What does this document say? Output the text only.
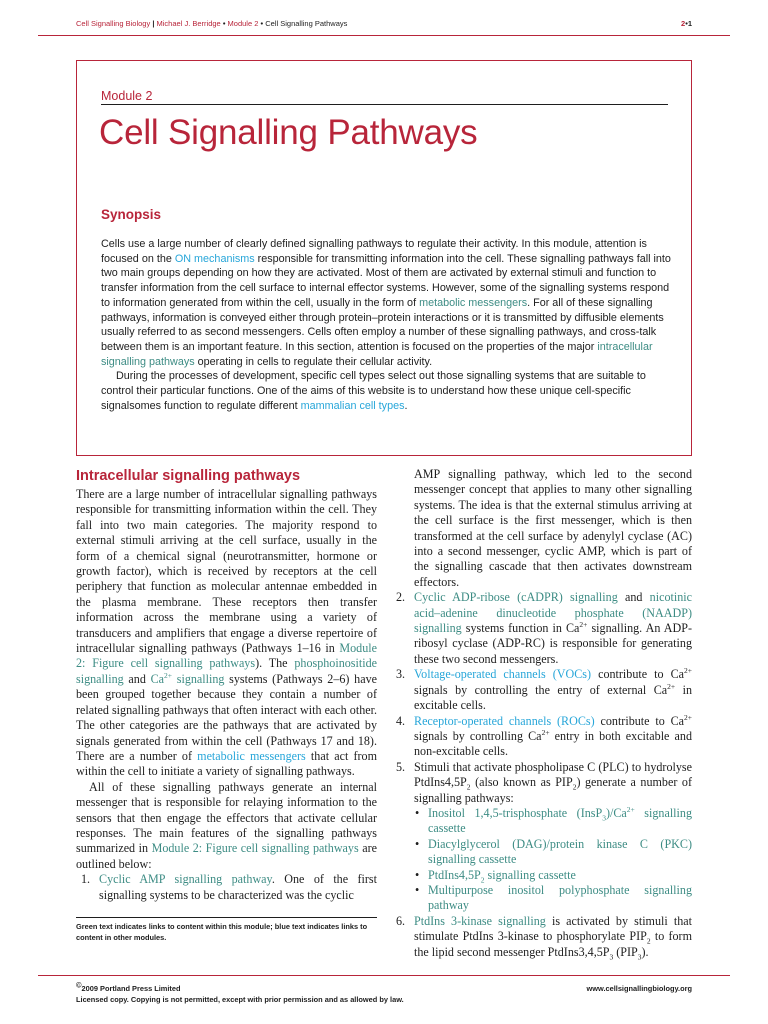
Cell Signalling Biology | Michael J. Berridge • Module 2 • Cell Signalling Pathways	2•1
Module 2
Cell Signalling Pathways
Synopsis

Cells use a large number of clearly defined signalling pathways to regulate their activity. In this module, attention is focused on the ON mechanisms responsible for transmitting information into the cell. These signalling pathways fall into two main groups depending on how they are activated. Most of them are activated by external stimuli and function to transfer information from the cell surface to internal effector systems. However, some of the signalling systems respond to information generated from within the cell, usually in the form of metabolic messengers. For all of these signalling pathways, information is conveyed either through protein–protein interactions or it is transmitted by diffusible elements usually referred to as second messengers. Cells often employ a number of these signalling pathways, and cross-talk between them is an important feature. In this section, attention is focused on the properties of the major intracellular signalling pathways operating in cells to regulate their cellular activity.

During the processes of development, specific cell types select out those signalling systems that are suitable to control their particular functions. One of the aims of this website is to understand how these unique cell-specific signalsomes function to regulate different mammalian cell types.

Intracellular signalling pathways

There are a large number of intracellular signalling pathways responsible for transmitting information within the cell. They fall into two main categories. The majority respond to external stimuli arriving at the cell surface, usually in the form of a chemical signal (neurotransmitter, hormone or growth factor), which is received by receptors at the cell periphery that function as molecular antennae embedded in the plasma membrane. These receptors then transfer information across the membrane using a variety of transducers and amplifiers that engage a diverse repertoire of intracellular signalling pathways (Pathways 1–16 in Module 2: Figure cell signalling pathways). The phosphoinositide signalling and $Ca^{2+}$ signalling systems (Pathways 2–6) have been grouped together because they contain a number of related signalling pathways that often interact with each other. The other categories are the pathways that are activated by signals generated from within the cell (Pathways 17 and 18). There are a number of metabolic messengers that act from within the cell to initiate a variety of signalling pathways.

All of these signalling pathways generate an internal messenger that is responsible for relaying information to the sensors that then engage the effectors that activate cellular responses. The main features of the signalling pathways summarized in Module 2: Figure cell signalling pathways are outlined below:

1. Cyclic AMP signalling pathway. One of the first signalling systems to be characterized was the cyclic
Green text indicates links to content within this module; blue text indicates links to content in other modules.
AMP signalling pathway, which led to the second messenger concept that applies to many other signalling systems. The idea is that the external stimulus arriving at the cell surface is the first messenger, which is then transformed at the cell surface by adenylyl cyclase (AC) into a second messenger, cyclic AMP, which is part of the signalling cascade that then activates downstream effectors.
2. Cyclic ADP-ribose (cADPR) signalling and nicotinic acid–adenine dinucleotide phosphate (NAADP) signalling systems function in $Ca^{2+}$ signalling. An ADP-ribosyl cyclase (ADP-RC) is responsible for generating these two second messengers.
3. Voltage-operated channels (VOCs) contribute to $Ca^{2+}$ signals by controlling the entry of external $Ca^{2+}$ in excitable cells.
4. Receptor-operated channels (ROCs) contribute to $Ca^{2+}$ signals by controlling $Ca^{2+}$ entry in both excitable and non-excitable cells.
5. Stimuli that activate phospholipase C (PLC) to hydrolyse $PtdIns4,5P_2$ (also known as $PIP_2$) generate a number of signalling pathways:
• Inositol 1,4,5-trisphosphate $(InsP_3)/Ca^{2+}$ signalling cassette
• Diacylglycerol (DAG)/protein kinase C (PKC) signalling cassette
• $PtdIns4,5P_2$ signalling cassette
• Multipurpose inositol polyphosphate signalling pathway
6. PtdIns 3-kinase signalling is activated by stimuli that stimulate PtdIns 3-kinase to phosphorylate $PIP_2$ to form the lipid second messenger $PtdIns3,4,5P_3$ $(PIP_3)$.
©2009 Portland Press Limited
Licensed copy. Copying is not permitted, except with prior permission and as allowed by law.
www.cellsignallingbiology.org
